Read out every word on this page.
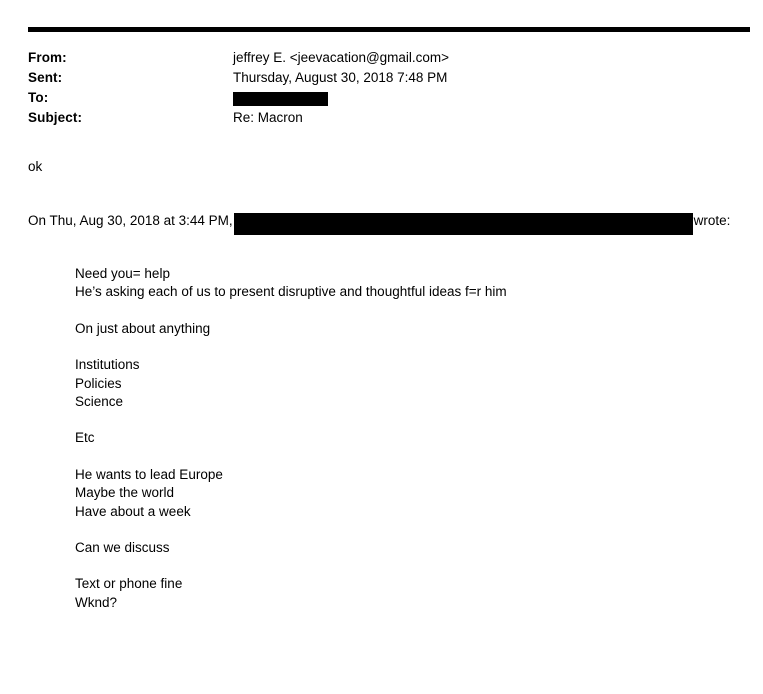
From:	jeffrey E. <jeevacation@gmail.com>
Sent:	Thursday, August 30, 2018 7:48 PM
To:
Subject:	Re: Macron
ok
On Thu, Aug 30, 2018 at 3:44 PM,	wrote:
Need you= help
He’s asking each of us to present disruptive and thoughtful ideas f=r him
On just about anything
Institutions
Policies
Science
Etc
He wants to lead Europe
Maybe the world
Have about a week
Can we discuss
Text or phone fine
Wknd?
